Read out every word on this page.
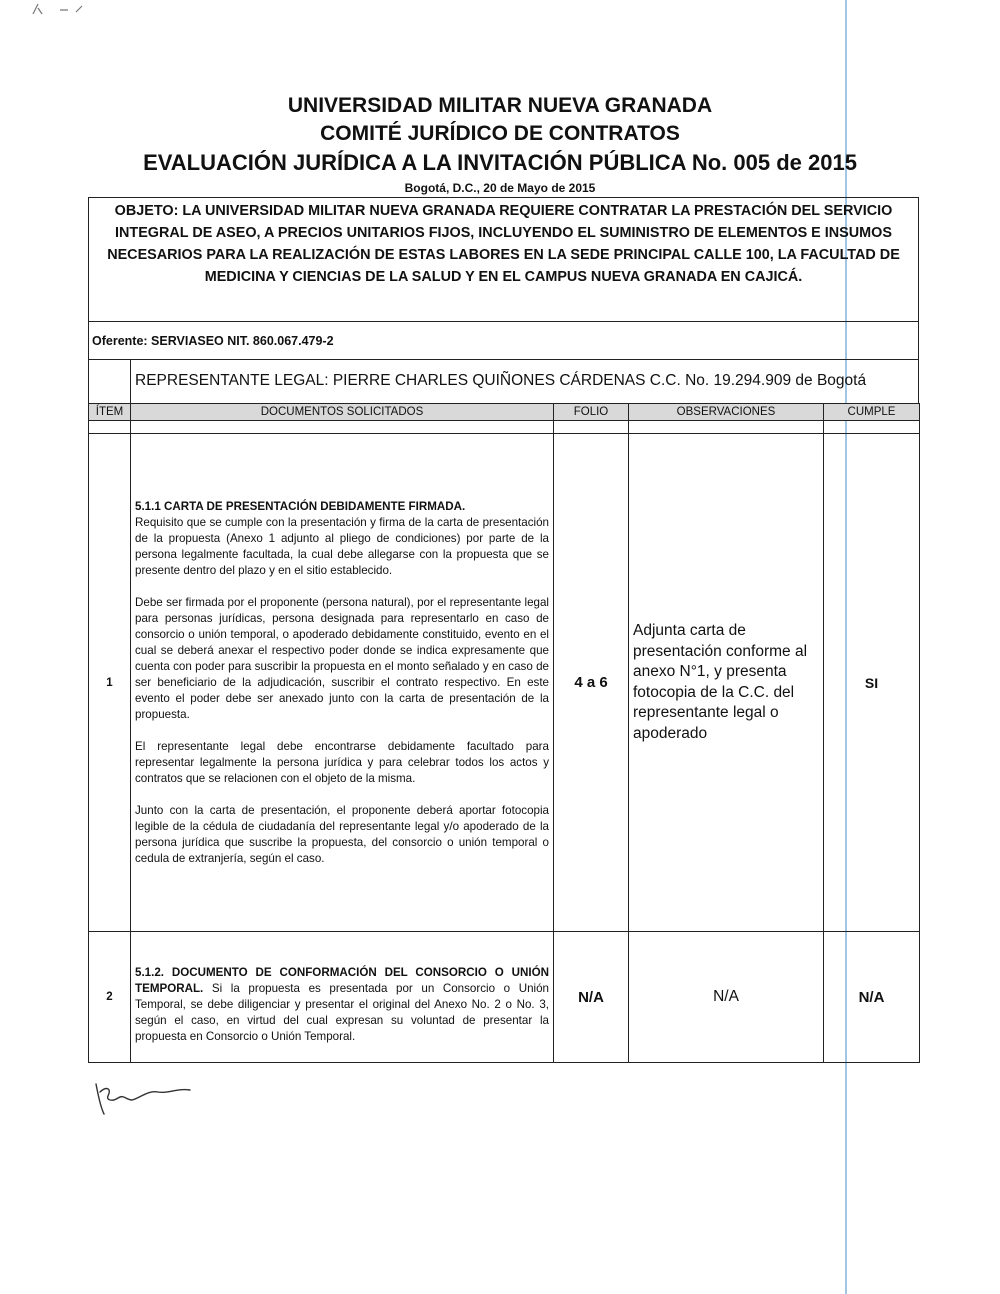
UNIVERSIDAD MILITAR NUEVA GRANADA
COMITÉ JURÍDICO DE CONTRATOS
EVALUACIÓN JURÍDICA A LA INVITACIÓN PÚBLICA No. 005 de 2015
Bogotá, D.C., 20 de Mayo de 2015
OBJETO: LA UNIVERSIDAD MILITAR NUEVA GRANADA REQUIERE CONTRATAR LA PRESTACIÓN DEL SERVICIO INTEGRAL DE ASEO, A PRECIOS UNITARIOS FIJOS, INCLUYENDO EL SUMINISTRO DE ELEMENTOS E INSUMOS NECESARIOS PARA LA REALIZACIÓN DE ESTAS LABORES EN LA SEDE PRINCIPAL CALLE 100, LA FACULTAD DE MEDICINA Y CIENCIAS DE LA SALUD Y EN EL CAMPUS NUEVA GRANADA EN CAJICÁ.
Oferente: SERVIASEO NIT. 860.067.479-2
REPRESENTANTE LEGAL: PIERRE CHARLES QUIÑONES CÁRDENAS C.C. No. 19.294.909 de Bogotá
ÍTEM	DOCUMENTOS SOLICITADOS	FOLIO	OBSERVACIONES	CUMPLE

1	5.1.1 CARTA DE PRESENTACIÓN DEBIDAMENTE FIRMADA.
Requisito que se cumple con la presentación y firma de la carta de presentación de la propuesta (Anexo 1 adjunto al pliego de condiciones) por parte de la persona legalmente facultada, la cual debe allegarse con la propuesta que se presente dentro del plazo y en el sitio establecido.

Debe ser firmada por el proponente (persona natural), por el representante legal para personas jurídicas, persona designada para representarlo en caso de consorcio o unión temporal, o apoderado debidamente constituido, evento en el cual se deberá anexar el respectivo poder donde se indica expresamente que cuenta con poder para suscribir la propuesta en el monto señalado y en caso de ser beneficiario de la adjudicación, suscribir el contrato respectivo. En este evento el poder debe ser anexado junto con la carta de presentación de la propuesta.

El representante legal debe encontrarse debidamente facultado para representar legalmente la persona jurídica y para celebrar todos los actos y contratos que se relacionen con el objeto de la misma.

Junto con la carta de presentación, el proponente deberá aportar fotocopia legible de la cédula de ciudadanía del representante legal y/o apoderado de la persona jurídica que suscribe la propuesta, del consorcio o unión temporal o cedula de extranjería, según el caso.	4 a 6	Adjunta carta de presentación conforme al anexo N°1, y presenta fotocopia de la C.C. del representante legal o apoderado	SI
2	5.1.2. DOCUMENTO DE CONFORMACIÓN DEL CONSORCIO O UNIÓN TEMPORAL. Si la propuesta es presentada por un Consorcio o Unión Temporal, se debe diligenciar y presentar el original del Anexo No. 2 o No. 3, según el caso, en virtud del cual expresan su voluntad de presentar la propuesta en Consorcio o Unión Temporal.	N/A	N/A	N/A
